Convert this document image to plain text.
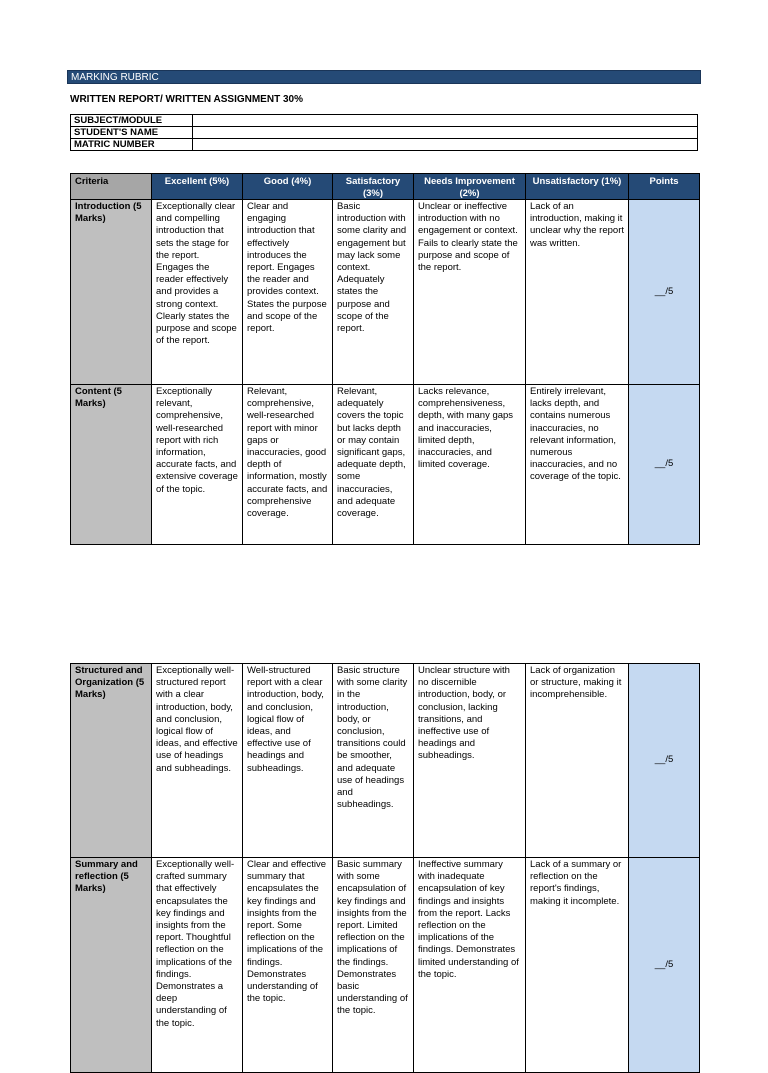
MARKING RUBRIC
WRITTEN REPORT/ WRITTEN ASSIGNMENT 30%
SUBJECT/MODULE	
STUDENT'S NAME	
MATRIC NUMBER	
Criteria	Excellent (5%)	Good (4%)	Satisfactory (3%)	Needs Improvement (2%)	Unsatisfactory (1%)	Points
Introduction (5 Marks)	Exceptionally clear and compelling introduction that sets the stage for the report. Engages the reader effectively and provides a strong context. Clearly states the purpose and scope of the report.	Clear and engaging introduction that effectively introduces the report. Engages the reader and provides context. States the purpose and scope of the report.	Basic introduction with some clarity and engagement but may lack some context. Adequately states the purpose and scope of the report.	Unclear or ineffective introduction with no engagement or context. Fails to clearly state the purpose and scope of the report.	Lack of an introduction, making it unclear why the report was written.	__/5
Content (5 Marks)	Exceptionally relevant, comprehensive, well-researched report with rich information, accurate facts, and extensive coverage of the topic.	Relevant, comprehensive, well-researched report with minor gaps or inaccuracies, good depth of information, mostly accurate facts, and comprehensive coverage.	Relevant, adequately covers the topic but lacks depth or may contain significant gaps, adequate depth, some inaccuracies, and adequate coverage.	Lacks relevance, comprehensiveness, depth, with many gaps and inaccuracies, limited depth, inaccuracies, and limited coverage.	Entirely irrelevant, lacks depth, and contains numerous inaccuracies, no relevant information, numerous inaccuracies, and no coverage of the topic.	__/5
Structured and Organization (5 Marks)	Exceptionally well-structured report with a clear introduction, body, and conclusion, logical flow of ideas, and effective use of headings and subheadings.	Well-structured report with a clear introduction, body, and conclusion, logical flow of ideas, and effective use of headings and subheadings.	Basic structure with some clarity in the introduction, body, or conclusion, transitions could be smoother, and adequate use of headings and subheadings.	Unclear structure with no discernible introduction, body, or conclusion, lacking transitions, and ineffective use of headings and subheadings.	Lack of organization or structure, making it incomprehensible.	__/5
Summary and reflection (5 Marks)	Exceptionally well-crafted summary that effectively encapsulates the key findings and insights from the report. Thoughtful reflection on the implications of the findings. Demonstrates a deep understanding of the topic.	Clear and effective summary that encapsulates the key findings and insights from the report. Some reflection on the implications of the findings. Demonstrates understanding of the topic.	Basic summary with some encapsulation of key findings and insights from the report. Limited reflection on the implications of the findings. Demonstrates basic understanding of the topic.	Ineffective summary with inadequate encapsulation of key findings and insights from the report. Lacks reflection on the implications of the findings. Demonstrates limited understanding of the topic.	Lack of a summary or reflection on the report's findings, making it incomplete.	__/5
